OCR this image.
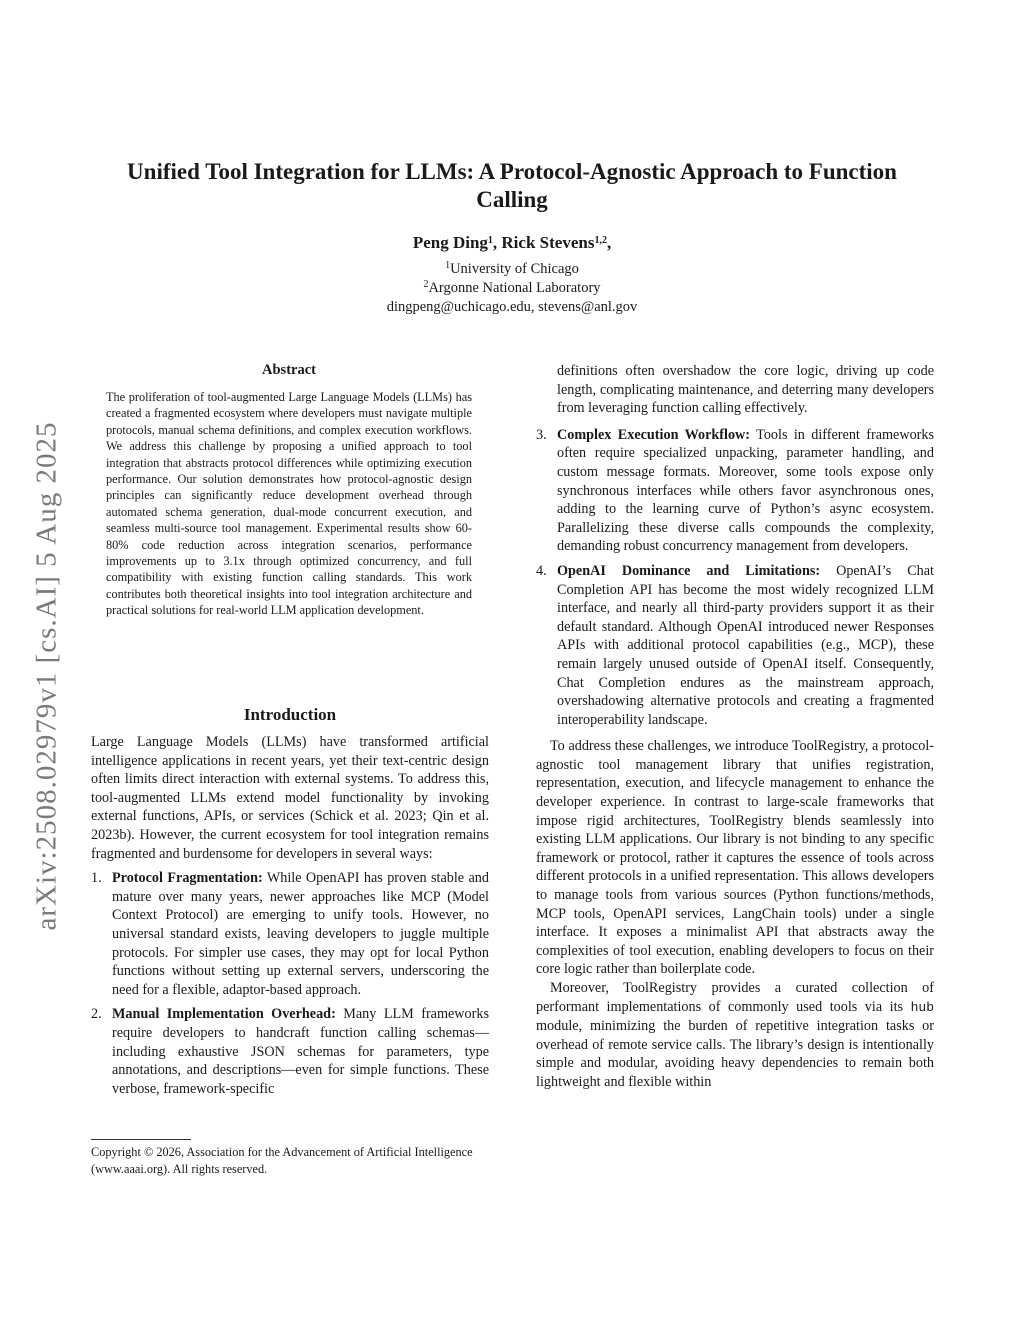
arXiv:2508.02979v1 [cs.AI] 5 Aug 2025
Unified Tool Integration for LLMs: A Protocol-Agnostic Approach to Function Calling
Peng Ding$^1$, Rick Stevens$^{1,2}$,
$^1$University of Chicago
$^2$Argonne National Laboratory
dingpeng@uchicago.edu, stevens@anl.gov
Abstract

The proliferation of tool-augmented Large Language Models (LLMs) has created a fragmented ecosystem where developers must navigate multiple protocols, manual schema definitions, and complex execution workflows. We address this challenge by proposing a unified approach to tool integration that abstracts protocol differences while optimizing execution performance. Our solution demonstrates how protocol-agnostic design principles can significantly reduce development overhead through automated schema generation, dual-mode concurrent execution, and seamless multi-source tool management. Experimental results show 60-80% code reduction across integration scenarios, performance improvements up to 3.1x through optimized concurrency, and full compatibility with existing function calling standards. This work contributes both theoretical insights into tool integration architecture and practical solutions for real-world LLM application development.

Introduction

Large Language Models (LLMs) have transformed artificial intelligence applications in recent years, yet their text-centric design often limits direct interaction with external systems. To address this, tool-augmented LLMs extend model functionality by invoking external functions, APIs, or services (Schick et al. 2023; Qin et al. 2023b). However, the current ecosystem for tool integration remains fragmented and burdensome for developers in several ways:

1. Protocol Fragmentation: While OpenAPI has proven stable and mature over many years, newer approaches like MCP (Model Context Protocol) are emerging to unify tools. However, no universal standard exists, leaving developers to juggle multiple protocols. For simpler use cases, they may opt for local Python functions without setting up external servers, underscoring the need for a flexible, adaptor-based approach.
2. Manual Implementation Overhead: Many LLM frameworks require developers to handcraft function calling schemas—including exhaustive JSON schemas for parameters, type annotations, and descriptions—even for simple functions. These verbose, framework-specific

definitions often overshadow the core logic, driving up code length, complicating maintenance, and deterring many developers from leveraging function calling effectively.

3. Complex Execution Workflow: Tools in different frameworks often require specialized unpacking, parameter handling, and custom message formats. Moreover, some tools expose only synchronous interfaces while others favor asynchronous ones, adding to the learning curve of Python’s async ecosystem. Parallelizing these diverse calls compounds the complexity, demanding robust concurrency management from developers.
4. OpenAI Dominance and Limitations: OpenAI’s Chat Completion API has become the most widely recognized LLM interface, and nearly all third-party providers support it as their default standard. Although OpenAI introduced newer Responses APIs with additional protocol capabilities (e.g., MCP), these remain largely unused outside of OpenAI itself. Consequently, Chat Completion endures as the mainstream approach, overshadowing alternative protocols and creating a fragmented interoperability landscape.

To address these challenges, we introduce ToolRegistry, a protocol-agnostic tool management library that unifies registration, representation, execution, and lifecycle management to enhance the developer experience. In contrast to large-scale frameworks that impose rigid architectures, ToolRegistry blends seamlessly into existing LLM applications. Our library is not binding to any specific framework or protocol, rather it captures the essence of tools across different protocols in a unified representation. This allows developers to manage tools from various sources (Python functions/methods, MCP tools, OpenAPI services, LangChain tools) under a single interface. It exposes a minimalist API that abstracts away the complexities of tool execution, enabling developers to focus on their core logic rather than boilerplate code.

Moreover, ToolRegistry provides a curated collection of performant implementations of commonly used tools via its hub module, minimizing the burden of repetitive integration tasks or overhead of remote service calls. The library’s design is intentionally simple and modular, avoiding heavy dependencies to remain both lightweight and flexible within

Copyright © 2026, Association for the Advancement of Artificial Intelligence (www.aaai.org). All rights reserved.
